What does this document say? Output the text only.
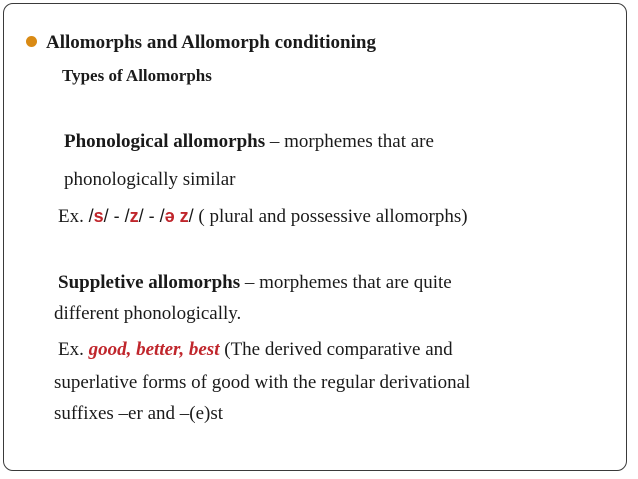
Allomorphs and Allomorph conditioning
Types of Allomorphs
Phonological allomorphs – morphemes that are
phonologically similar
Ex. /s/ - /z/ - /ə z/ ( plural and possessive allomorphs)
Suppletive allomorphs – morphemes that are quite
different phonologically.
Ex. good, better, best (The derived comparative and
superlative forms of good with the regular derivational
suffixes –er and –(e)st
